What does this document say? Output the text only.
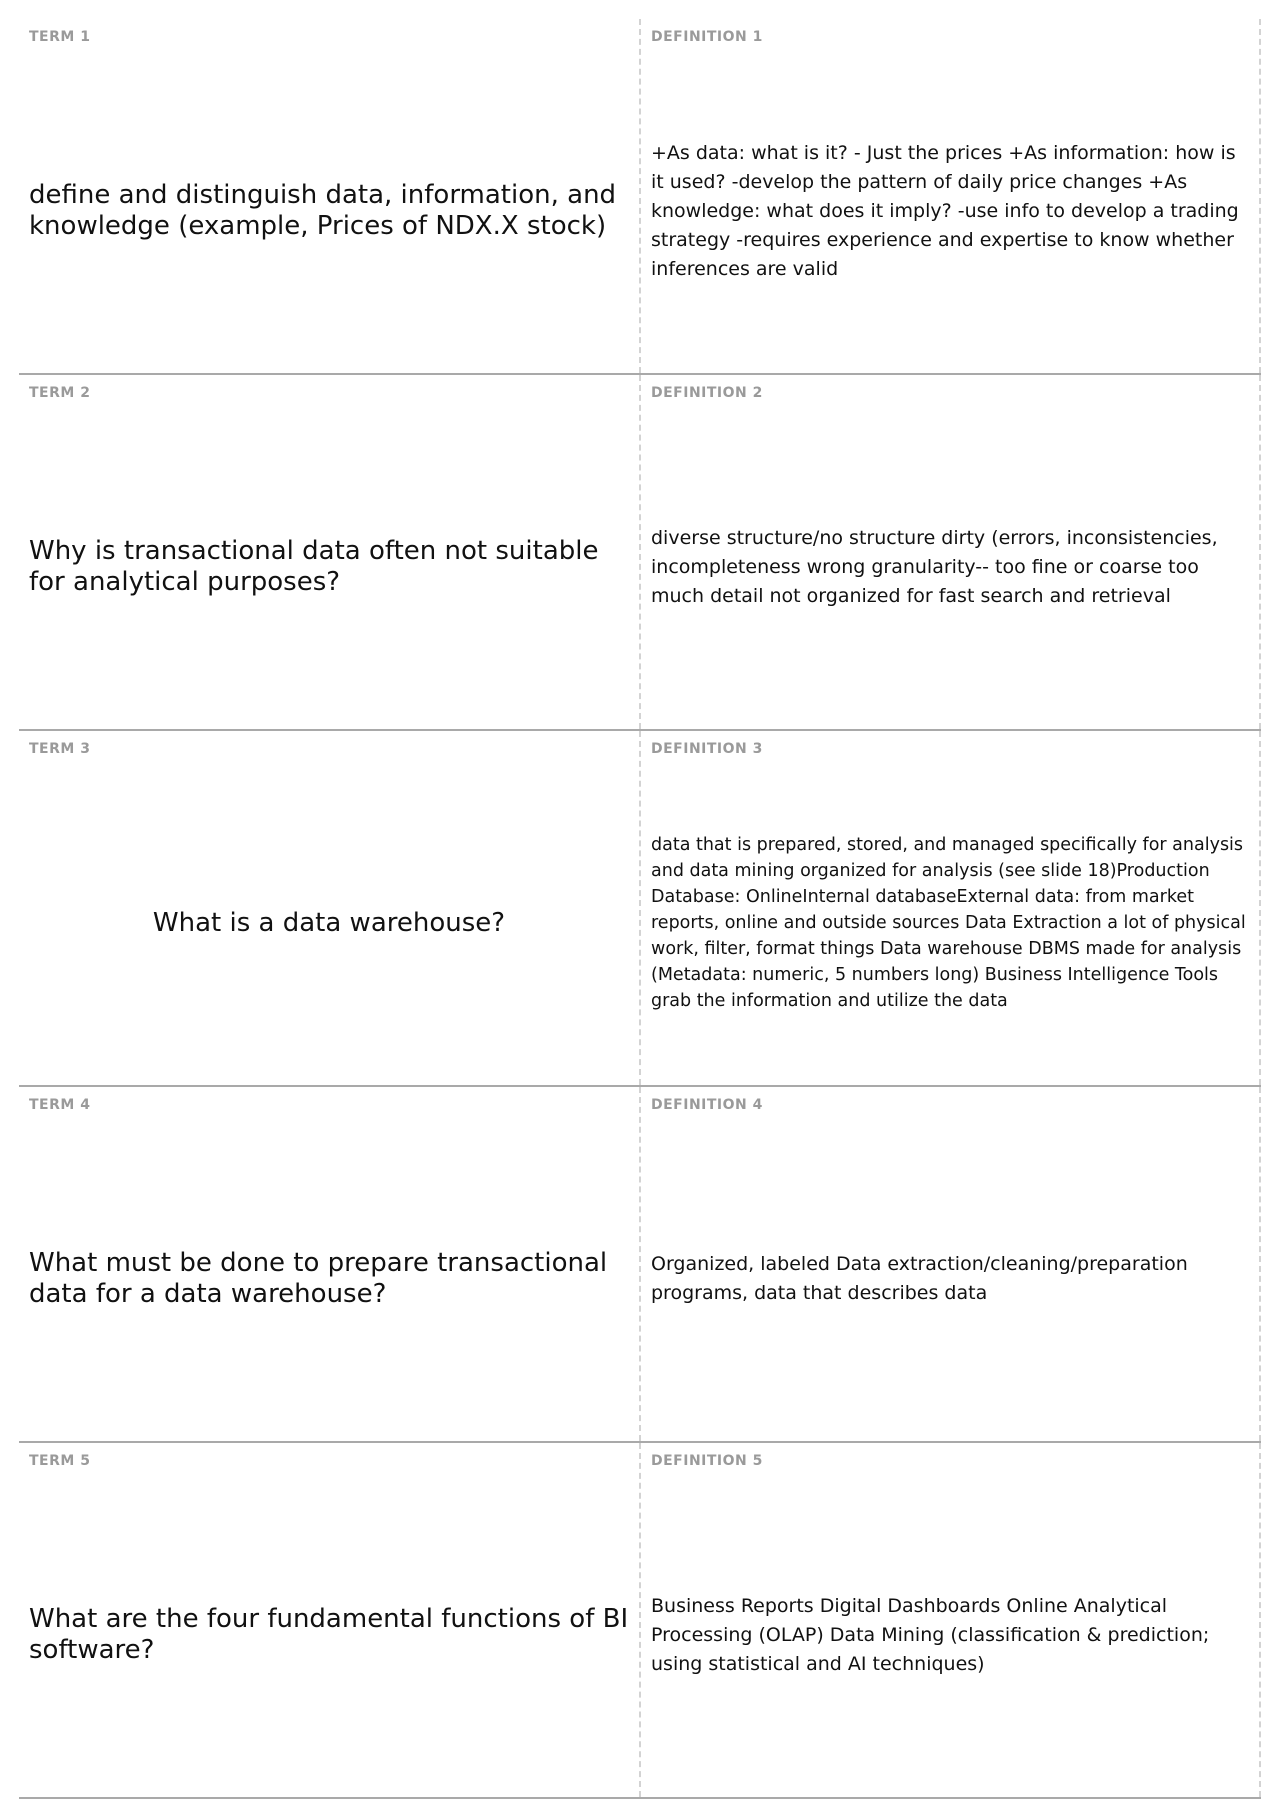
TERM 1
define and distinguish data, information, and knowledge (example, Prices of NDX.X stock)
DEFINITION 1
+As data: what is it? - Just the prices +As information: how is it used? -develop the pattern of daily price changes +As knowledge: what does it imply? -use info to develop a trading strategy -requires experience and expertise to know whether inferences are valid
TERM 2
Why is transactional data often not suitable for analytical purposes?
DEFINITION 2
diverse structure/no structure dirty (errors, inconsistencies, incompleteness wrong granularity-- too fine or coarse too much detail not organized for fast search and retrieval
TERM 3
What is a data warehouse?
DEFINITION 3
data that is prepared, stored, and managed specifically for analysis and data mining organized for analysis (see slide 18)Production Database: OnlineInternal databaseExternal data: from market reports, online and outside sources Data Extraction a lot of physical work, filter, format things Data warehouse DBMS made for analysis (Metadata: numeric, 5 numbers long) Business Intelligence Tools grab the information and utilize the data
TERM 4
What must be done to prepare transactional data for a data warehouse?
DEFINITION 4
Organized, labeled Data extraction/cleaning/preparation programs, data that describes data
TERM 5
What are the four fundamental functions of BI software?
DEFINITION 5
Business Reports Digital Dashboards Online Analytical Processing (OLAP) Data Mining (classification & prediction; using statistical and AI techniques)
